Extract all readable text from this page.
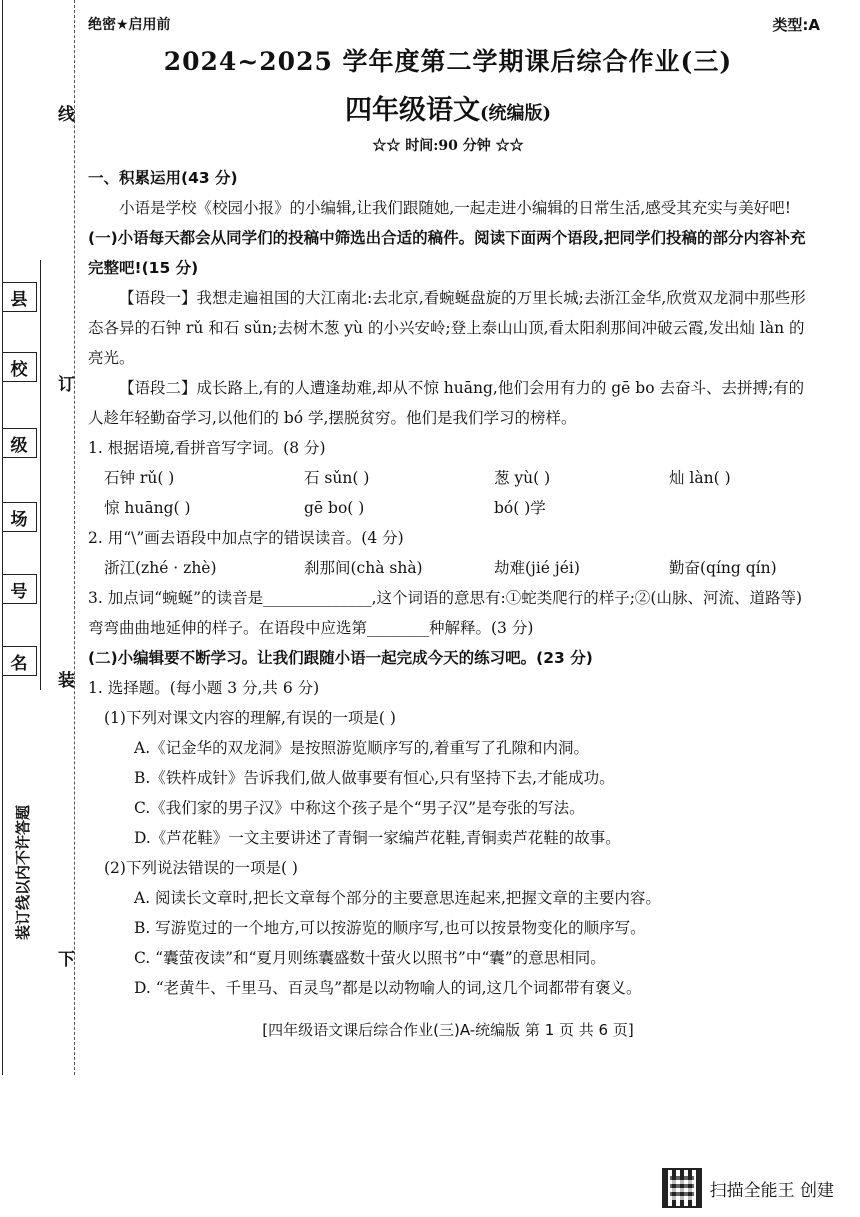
线
订
装
下
县
校
级
场
号
名
装订线以内不许答题
类型:A
绝密★启用前
2024~2025 学年度第二学期课后综合作业(三)
四年级语文(统编版)
☆☆ 时间:90 分钟 ☆☆
一、积累运用(43 分)
小语是学校《校园小报》的小编辑,让我们跟随她,一起走进小编辑的日常生活,感受其充实与美好吧!
(一)小语每天都会从同学们的投稿中筛选出合适的稿件。阅读下面两个语段,把同学们投稿的部分内容补充完整吧!(15 分)
【语段一】我想走遍祖国的大江南北:去北京,看蜿蜒盘旋的万里长城;去浙江金华,欣赏双龙洞中那些形态各异的石钟 rǔ 和石 sǔn;去树木葱 yù 的小兴安岭;登上泰山山顶,看太阳刹那间冲破云霞,发出灿 làn 的亮光。
【语段二】成长路上,有的人遭逢劫难,却从不惊 huāng,他们会用有力的 gē bo 去奋斗、去拼搏;有的人趁年轻勤奋学习,以他们的 bó 学,摆脱贫穷。他们是我们学习的榜样。
1. 根据语境,看拼音写字词。(8 分)
石钟 rǔ( )	石 sǔn( )	葱 yù( )	灿 làn( )
惊 huāng( )	gē bo( )	bó( )学
2. 用“\”画去语段中加点字的错误读音。(4 分)
浙江(zhé · zhè)	刹那间(chà shà)	劫难(jié jéi)	勤奋(qíng qín)
3. 加点词“蜿蜒”的读音是______________,这个词语的意思有:①蛇类爬行的样子;②(山脉、河流、道路等)弯弯曲曲地延伸的样子。在语段中应选第________种解释。(3 分)
(二)小编辑要不断学习。让我们跟随小语一起完成今天的练习吧。(23 分)
1. 选择题。(每小题 3 分,共 6 分)
(1)下列对课文内容的理解,有误的一项是( )
A.《记金华的双龙洞》是按照游览顺序写的,着重写了孔隙和内洞。
B.《铁杵成针》告诉我们,做人做事要有恒心,只有坚持下去,才能成功。
C.《我们家的男子汉》中称这个孩子是个“男子汉”是夸张的写法。
D.《芦花鞋》一文主要讲述了青铜一家编芦花鞋,青铜卖芦花鞋的故事。
(2)下列说法错误的一项是( )
A. 阅读长文章时,把长文章每个部分的主要意思连起来,把握文章的主要内容。
B. 写游览过的一个地方,可以按游览的顺序写,也可以按景物变化的顺序写。
C. “囊萤夜读”和“夏月则练囊盛数十萤火以照书”中“囊”的意思相同。
D. “老黄牛、千里马、百灵鸟”都是以动物喻人的词,这几个词都带有褒义。
[四年级语文课后综合作业(三)A-统编版 第 1 页 共 6 页]
扫描全能王 创建
